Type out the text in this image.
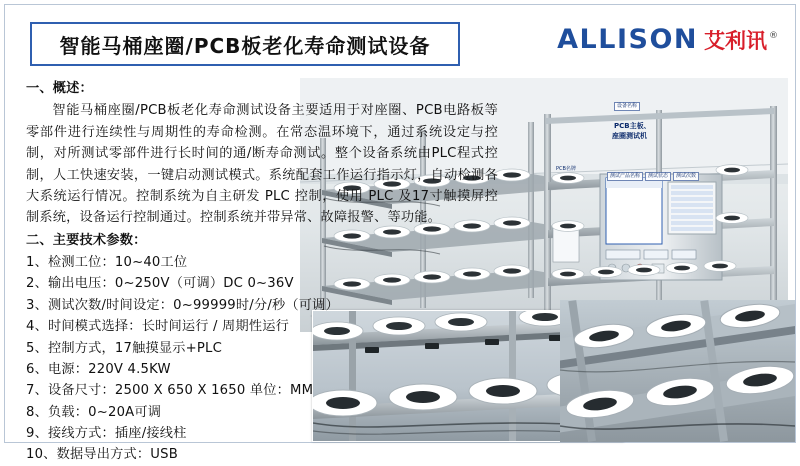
智能马桶座圈/PCB板老化寿命测试设备	ALLISON 艾利讯 ®
设备名称
PCB主板、
座圈测试机
测试产品名称	测试状态	测试次数
PCB名牌

一、概述：

智能马桶座圈/PCB板老化寿命测试设备主要适用于对座圈、PCB电路板等零部件进行连续性与周期性的寿命检测。在常态温环境下，通过系统设定与控制，对所测试零部件进行长时间的通/断寿命测试。整个设备系统由PLC程式控制，人工快速安装，一键启动测试模式。系统配套工作运行指示灯，自动检测各大系统运行情况。控制系统为自主研发 PLC 控制，使用 PLC 及17寸触摸屏控制系统，设备运行控制通过。控制系统并带异常、故障报警、等功能。

二、主要技术参数：

1、检测工位：10~40工位

2、输出电压：0~250V（可调）DC 0~36V

3、测试次数/时间设定：0~99999时/分/秒（可调）

4、时间模式选择：长时间运行 / 周期性运行

5、控制方式，17触摸显示+PLC

6、电源：220V 4.5KW

7、设备尺寸：2500 X 650 X 1650 单位：MM

8、负载：0~20A可调

9、接线方式：插座/接线柱

10、数据导出方式：USB
